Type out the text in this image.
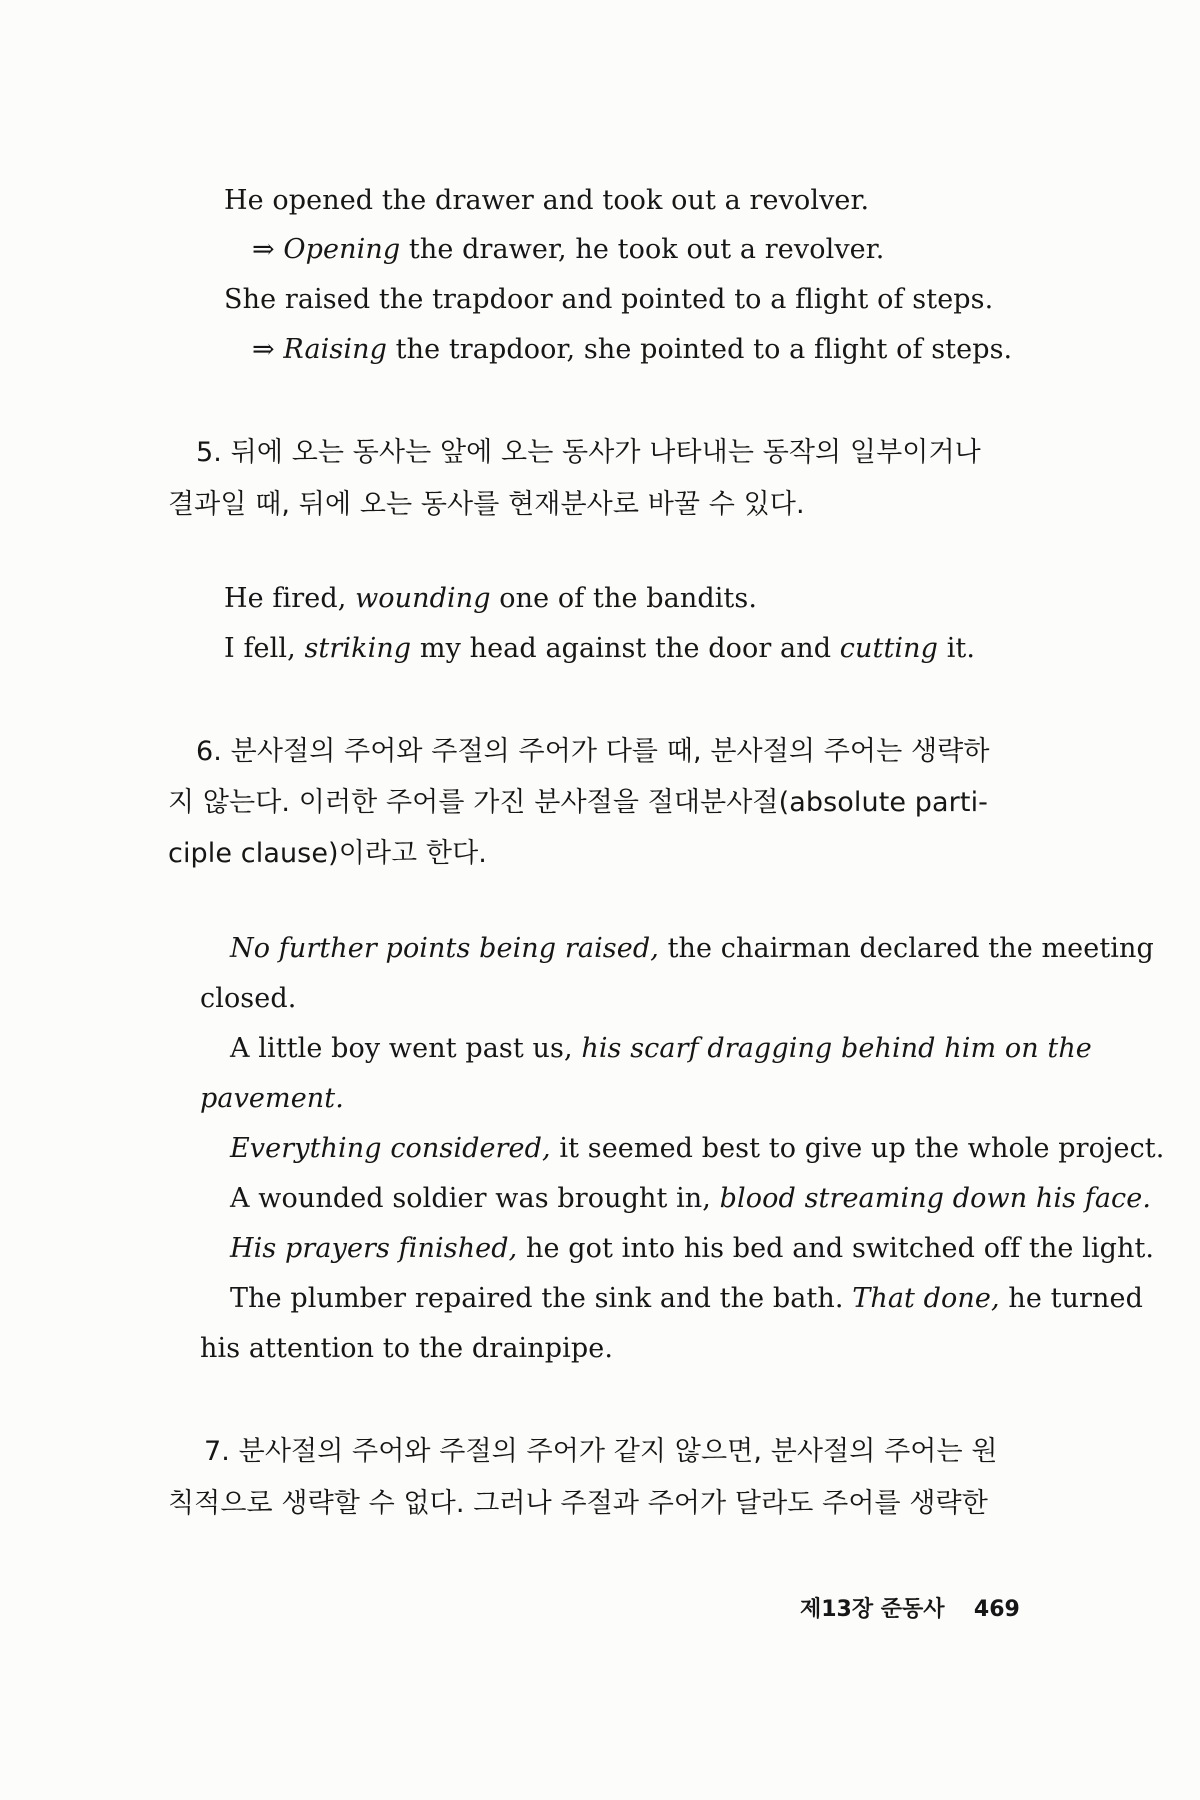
He opened the drawer and took out a revolver.
⇒ Opening the drawer, he took out a revolver.
She raised the trapdoor and pointed to a flight of steps.
⇒ Raising the trapdoor, she pointed to a flight of steps.
5. 뒤에 오는 동사는 앞에 오는 동사가 나타내는 동작의 일부이거나
결과일 때, 뒤에 오는 동사를 현재분사로 바꿀 수 있다.
He fired, wounding one of the bandits.
I fell, striking my head against the door and cutting it.
6. 분사절의 주어와 주절의 주어가 다를 때, 분사절의 주어는 생략하
지 않는다. 이러한 주어를 가진 분사절을 절대분사절(absolute parti-
ciple clause)이라고 한다.
No further points being raised, the chairman declared the meeting
closed.
A little boy went past us, his scarf dragging behind him on the
pavement.
Everything considered, it seemed best to give up the whole project.
A wounded soldier was brought in, blood streaming down his face.
His prayers finished, he got into his bed and switched off the light.
The plumber repaired the sink and the bath. That done, he turned
his attention to the drainpipe.
7. 분사절의 주어와 주절의 주어가 같지 않으면, 분사절의 주어는 원
칙적으로 생략할 수 없다. 그러나 주절과 주어가 달라도 주어를 생략한
제13장 준동사 469
